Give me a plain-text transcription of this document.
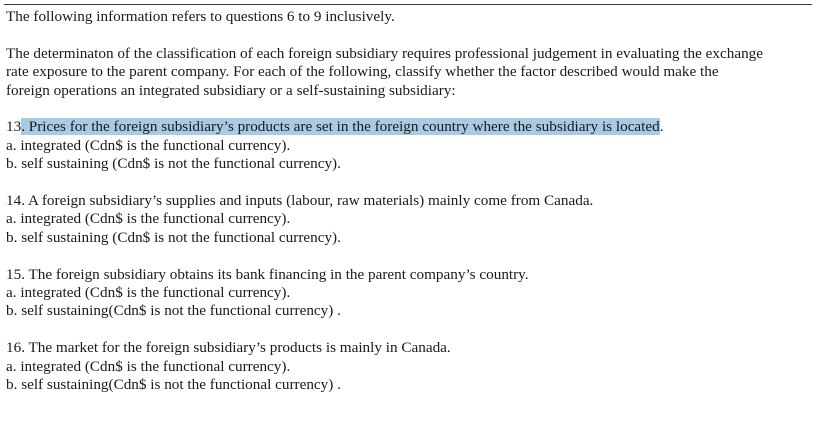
The following information refers to questions 6 to 9 inclusively.

The determinaton of the classification of each foreign subsidiary requires professional judgement in evaluating the exchange
rate exposure to the parent company. For each of the following, classify whether the factor described would make the
foreign operations an integrated subsidiary or a self-sustaining subsidiary:

13. Prices for the foreign subsidiary’s products are set in the foreign country where the subsidiary is located.
a. integrated (Cdn$ is the functional currency).
b. self sustaining (Cdn$ is not the functional currency).
14. A foreign subsidiary’s supplies and inputs (labour, raw materials) mainly come from Canada.
a. integrated (Cdn$ is the functional currency).
b. self sustaining (Cdn$ is not the functional currency).
15. The foreign subsidiary obtains its bank financing in the parent company’s country.
a. integrated (Cdn$ is the functional currency).
b. self sustaining(Cdn$ is not the functional currency) .
16. The market for the foreign subsidiary’s products is mainly in Canada.
a. integrated (Cdn$ is the functional currency).
b. self sustaining(Cdn$ is not the functional currency) .
